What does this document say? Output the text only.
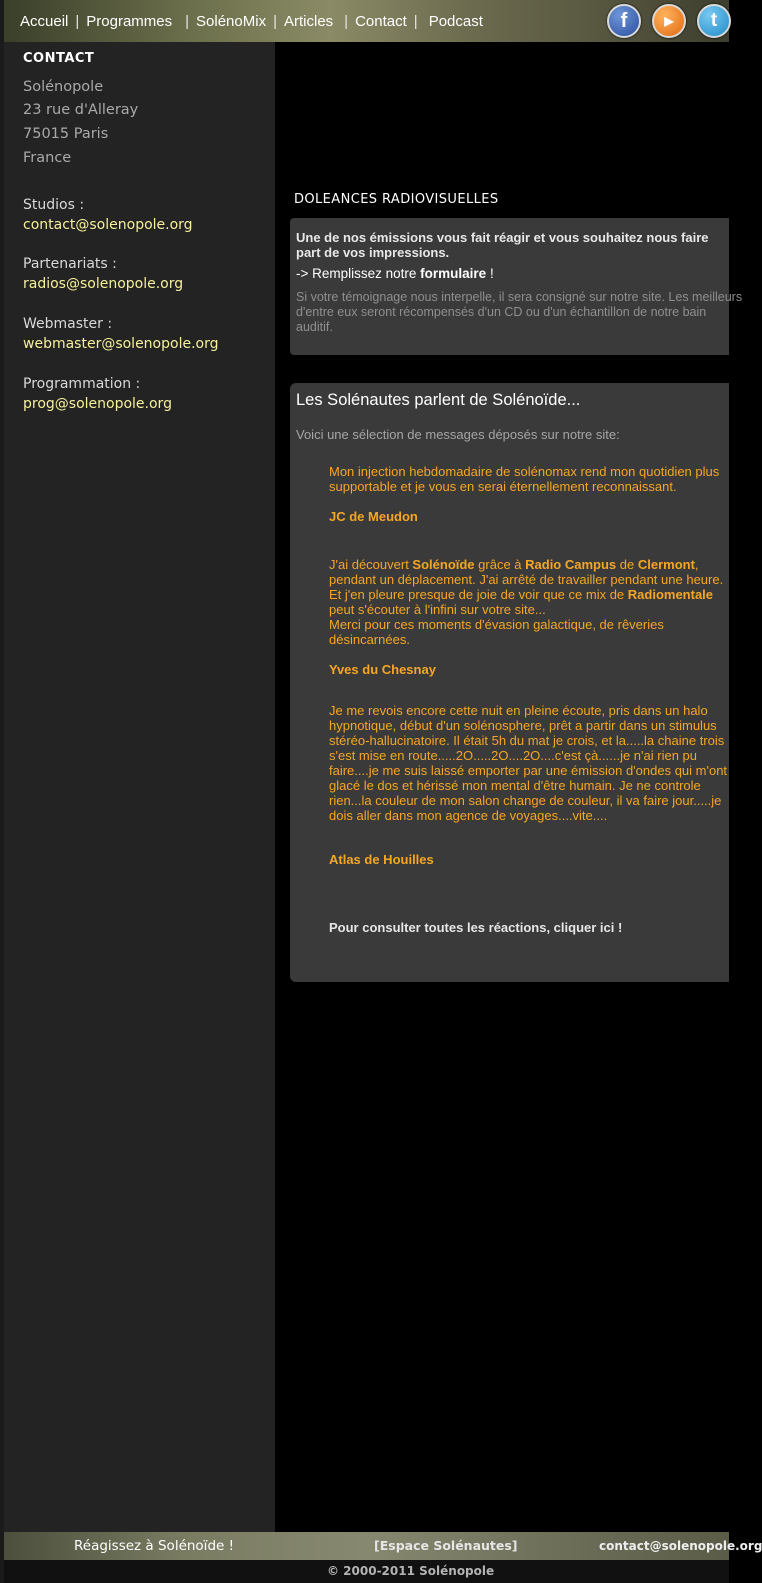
Accueil | Programmes | SolénoMix | Articles | Contact | Podcast	f	▶	t
CONTACT
Solénopole
23 rue d'Alleray
75015 Paris
France
Studios :
contact@solenopole.org
Partenariats :
radios@solenopole.org
Webmaster :
webmaster@solenopole.org
Programmation :
prog@solenopole.org
DOLEANCES RADIOVISUELLES
Une de nos émissions vous fait réagir et vous souhaitez nous faire part de vos impressions.
-> Remplissez notre formulaire !
Si votre témoignage nous interpelle, il sera consigné sur notre site. Les meilleurs d'entre eux seront récompensés d'un CD ou d'un échantillon de notre bain auditif.
Les Solénautes parlent de Solénoïde...
Voici une sélection de messages déposés sur notre site:
Mon injection hebdomadaire de solénomax rend mon quotidien plus supportable et je vous en serai éternellement reconnaissant.
JC de Meudon
J'ai découvert Solénoïde grâce à Radio Campus de Clermont, pendant un déplacement. J'ai arrêté de travailler pendant une heure. Et j'en pleure presque de joie de voir que ce mix de Radiomentale peut s'écouter à l'infini sur votre site...
Merci pour ces moments d'évasion galactique, de rêveries désincarnées.
Yves du Chesnay
Je me revois encore cette nuit en pleine écoute, pris dans un halo hypnotique, début d'un solénosphere, prêt a partir dans un stimulus stéréo-hallucinatoire. Il était 5h du mat je crois, et la.....la chaine trois s'est mise en route.....2O.....2O....2O....c'est çà......je n'ai rien pu faire....je me suis laissé emporter par une émission d'ondes qui m'ont glacé le dos et hérissé mon mental d'être humain. Je ne controle rien...la couleur de mon salon change de couleur, il va faire jour.....je dois aller dans mon agence de voyages....vite....
Atlas de Houilles
Pour consulter toutes les réactions, cliquer ici !
Réagissez à Solénoïde !	[Espace Solénautes]	contact@solenopole.org
© 2000-2011 Solénopole
